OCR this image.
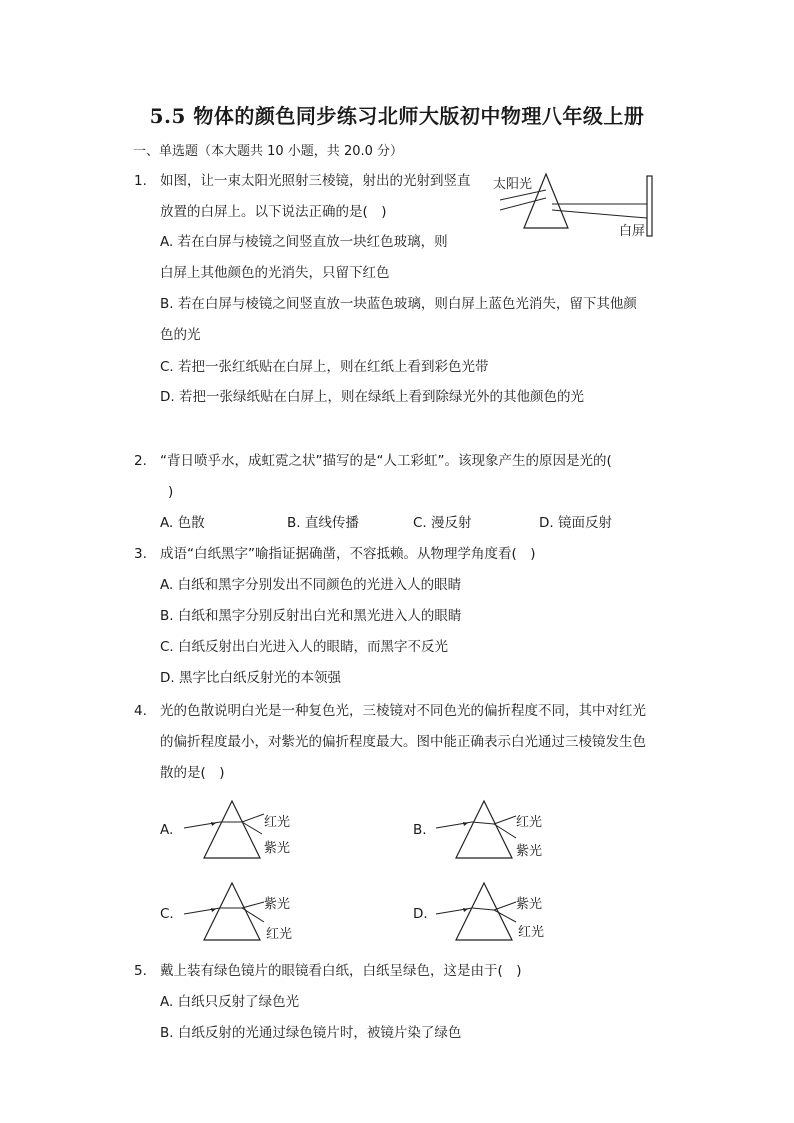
5.5 物体的颜色同步练习北师大版初中物理八年级上册
一、单选题（本大题共 10 小题，共 20.0 分）
1. 如图，让一束太阳光照射三棱镜，射出的光射到竖直
放置的白屏上。以下说法正确的是(　)
太阳光
白屏
A. 若在白屏与棱镜之间竖直放一块红色玻璃，则
白屏上其他颜色的光消失，只留下红色
B. 若在白屏与棱镜之间竖直放一块蓝色玻璃，则白屏上蓝色光消失，留下其他颜
色的光
C. 若把一张红纸贴在白屏上，则在红纸上看到彩色光带
D. 若把一张绿纸贴在白屏上，则在绿纸上看到除绿光外的其他颜色的光
2. “背日喷乎水，成虹霓之状”描写的是“人工彩虹”。该现象产生的原因是光的(
)
A. 色散	B. 直线传播	C. 漫反射	D. 镜面反射
3. 成语“白纸黑字”喻指证据确凿，不容抵赖。从物理学角度看(　)
A. 白纸和黑字分别发出不同颜色的光进入人的眼睛
B. 白纸和黑字分别反射出白光和黑光进入人的眼睛
C. 白纸反射出白光进入人的眼睛，而黑字不反光
D. 黑字比白纸反射光的本领强
4. 光的色散说明白光是一种复色光，三棱镜对不同色光的偏折程度不同，其中对红光
的偏折程度最小，对紫光的偏折程度最大。图中能正确表示白光通过三棱镜发生色
散的是(　)
A.	红光
紫光
B.	红光
紫光
C.
紫光
红光
D.
紫光
红光
5. 戴上装有绿色镜片的眼镜看白纸，白纸呈绿色，这是由于(　)
A. 白纸只反射了绿色光
B. 白纸反射的光通过绿色镜片时，被镜片染了绿色
